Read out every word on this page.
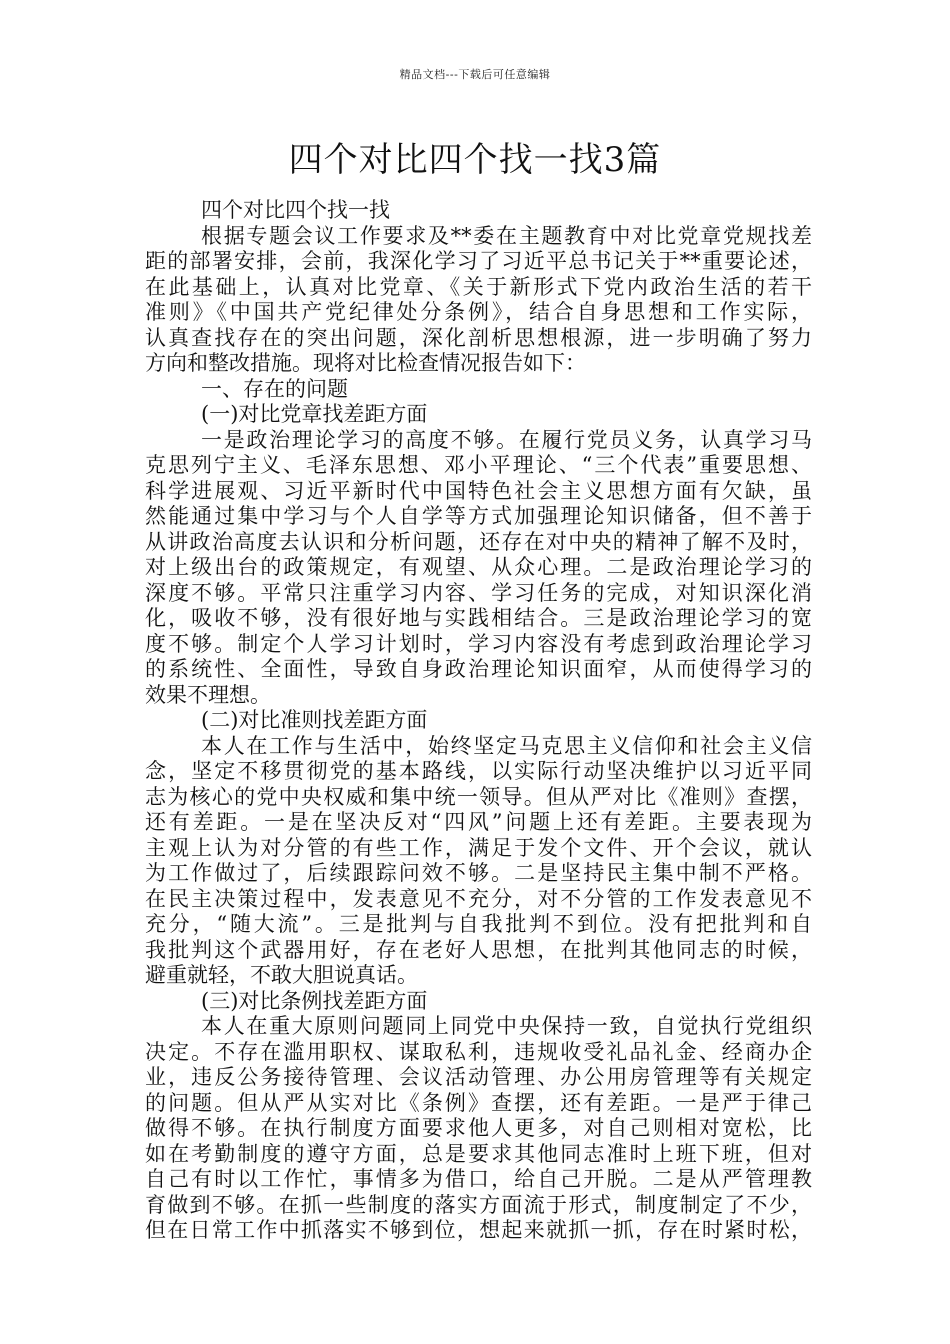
精品文档---下载后可任意编辑
四个对比四个找一找3篇
四个对比四个找一找
根据专题会议工作要求及**委在主题教育中对比党章党规找差
距的部署安排，会前，我深化学习了习近平总书记关于**重要论述，
在此基础上，认真对比党章、《关于新形式下党内政治生活的若干
准则》《中国共产党纪律处分条例》，结合自身思想和工作实际，
认真查找存在的突出问题，深化剖析思想根源，进一步明确了努力
方向和整改措施。现将对比检查情况报告如下：
一、存在的问题
(一)对比党章找差距方面
一是政治理论学习的高度不够。在履行党员义务，认真学习马
克思列宁主义、毛泽东思想、邓小平理论、“三个代表”重要思想、
科学进展观、习近平新时代中国特色社会主义思想方面有欠缺，虽
然能通过集中学习与个人自学等方式加强理论知识储备，但不善于
从讲政治高度去认识和分析问题，还存在对中央的精神了解不及时，
对上级出台的政策规定，有观望、从众心理。二是政治理论学习的
深度不够。平常只注重学习内容、学习任务的完成，对知识深化消
化，吸收不够，没有很好地与实践相结合。三是政治理论学习的宽
度不够。制定个人学习计划时，学习内容没有考虑到政治理论学习
的系统性、全面性，导致自身政治理论知识面窄，从而使得学习的
效果不理想。
(二)对比准则找差距方面
本人在工作与生活中，始终坚定马克思主义信仰和社会主义信
念，坚定不移贯彻党的基本路线，以实际行动坚决维护以习近平同
志为核心的党中央权威和集中统一领导。但从严对比《准则》查摆，
还有差距。一是在坚决反对“四风”问题上还有差距。主要表现为
主观上认为对分管的有些工作，满足于发个文件、开个会议，就认
为工作做过了，后续跟踪问效不够。二是坚持民主集中制不严格。
在民主决策过程中，发表意见不充分，对不分管的工作发表意见不
充分，“随大流”。三是批判与自我批判不到位。没有把批判和自
我批判这个武器用好，存在老好人思想，在批判其他同志的时候，
避重就轻，不敢大胆说真话。
(三)对比条例找差距方面
本人在重大原则问题同上同党中央保持一致，自觉执行党组织
决定。不存在滥用职权、谋取私利，违规收受礼品礼金、经商办企
业，违反公务接待管理、会议活动管理、办公用房管理等有关规定
的问题。但从严从实对比《条例》查摆，还有差距。一是严于律己
做得不够。在执行制度方面要求他人更多，对自己则相对宽松，比
如在考勤制度的遵守方面，总是要求其他同志准时上班下班，但对
自己有时以工作忙，事情多为借口，给自己开脱。二是从严管理教
育做到不够。在抓一些制度的落实方面流于形式，制度制定了不少，
但在日常工作中抓落实不够到位，想起来就抓一抓，存在时紧时松，
